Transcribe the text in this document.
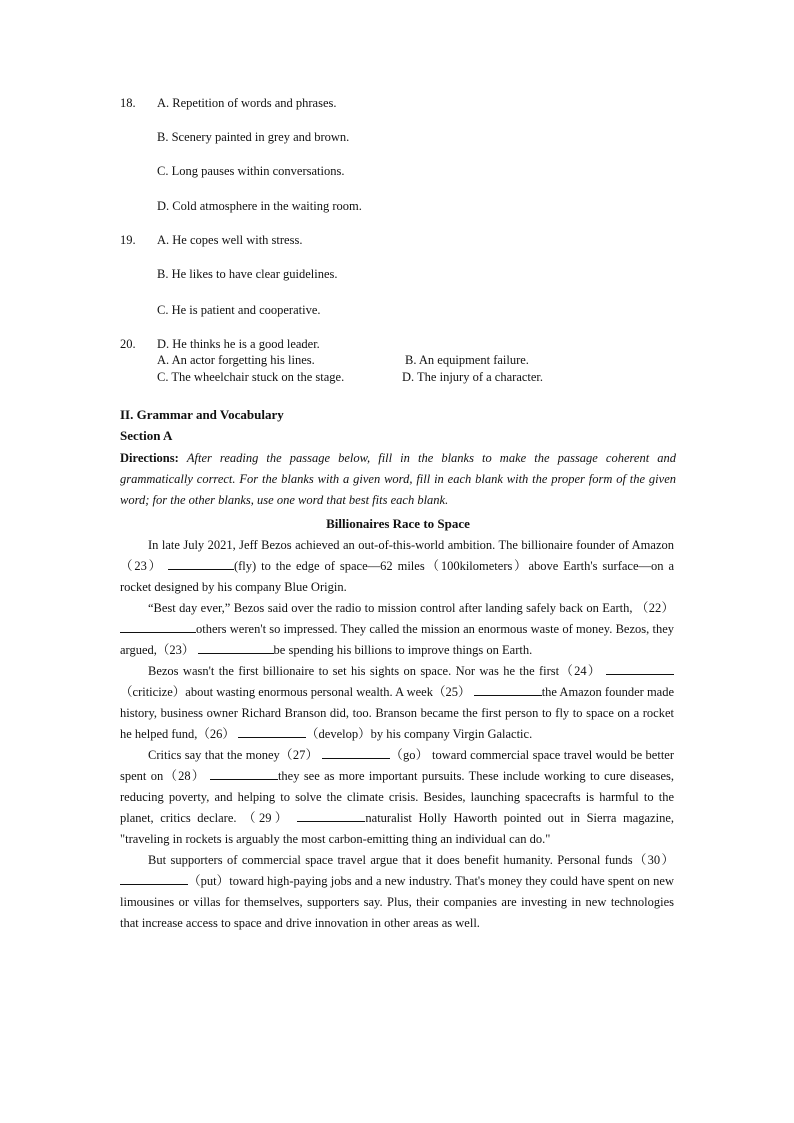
18. A. Repetition of words and phrases.
B. Scenery painted in grey and brown.
C. Long pauses within conversations.
D. Cold atmosphere in the waiting room.
19. A. He copes well with stress.
B. He likes to have clear guidelines.
C. He is patient and cooperative.
D. He thinks he is a good leader.
20.
A. An actor forgetting his lines.	B. An equipment failure.
C. The wheelchair stuck on the stage.	D. The injury of a character.
II. Grammar and Vocabulary
Section A
Directions: After reading the passage below, fill in the blanks to make the passage coherent and grammatically correct. For the blanks with a given word, fill in each blank with the proper form of the given word; for the other blanks, use one word that best fits each blank.
Billionaires Race to Space

In late July 2021, Jeff Bezos achieved an out-of-this-world ambition. The billionaire founder of Amazon（23）	(fly) to the edge of space—62 miles（100kilometers）above Earth's surface—on a rocket designed by his company Blue Origin.

“Best day ever,” Bezos said over the radio to mission control after landing safely back on Earth, （22） others weren't so impressed. They called the mission an enormous waste of money. Bezos, they argued,（23）	be spending his billions to improve things on Earth.

Bezos wasn't the first billionaire to set his sights on space. Nor was he the first（24） （criticize）about wasting enormous personal wealth. A week（25）	the Amazon founder made history, business owner Richard Branson did, too. Branson became the first person to fly to space on a rocket he helped fund,（26）	（develop）by his company Virgin Galactic.

Critics say that the money（27）	（go） toward commercial space travel would be better spent on（28）	they see as more important pursuits. These include working to cure diseases, reducing poverty, and helping to solve the climate crisis. Besides, launching spacecrafts is harmful to the planet, critics declare. （29）	naturalist Holly Haworth pointed out in Sierra magazine, "traveling in rockets is arguably the most carbon-emitting thing an individual can do."

But supporters of commercial space travel argue that it does benefit humanity. Personal funds（30） （put）toward high-paying jobs and a new industry. That's money they could have spent on new limousines or villas for themselves, supporters say. Plus, their companies are investing in new technologies that increase access to space and drive innovation in other areas as well.
